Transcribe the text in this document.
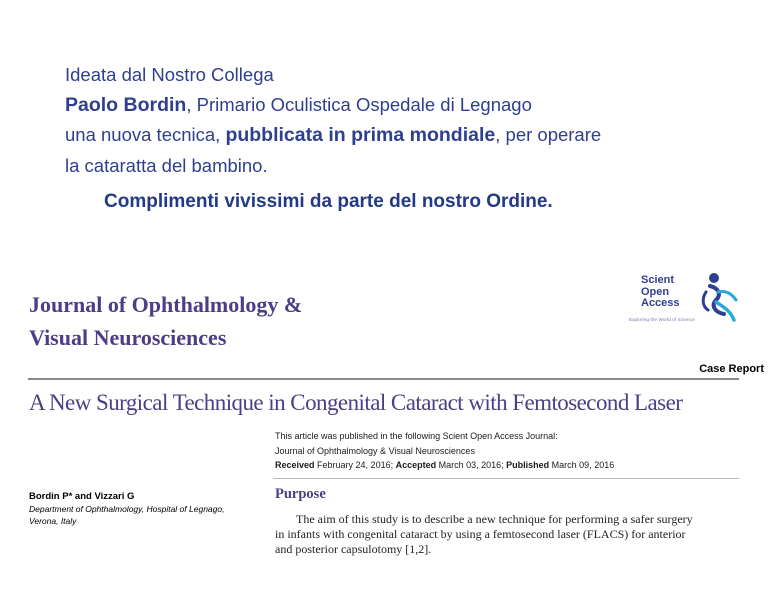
Ideata dal Nostro Collega
Paolo Bordin, Primario Oculistica Ospedale di Legnago
una nuova tecnica, pubblicata in prima mondiale, per operare
la cataratta del bambino.
Complimenti vivissimi da parte del nostro Ordine.
Journal of Ophthalmology &
Visual Neurosciences
Scient
Open
Access
Exploring the World of Science
Case Report
A New Surgical Technique in Congenital Cataract with Femtosecond Laser
This article was published in the following Scient Open Access Journal:
Journal of Ophthalmology & Visual Neurosciences
Received February 24, 2016; Accepted March 03, 2016; Published March 09, 2016
Bordin P* and Vizzari G
Department of Ophthalmology, Hospital of Legnago,
Verona, Italy
Purpose
The aim of this study is to describe a new technique for performing a safer surgery
in infants with congenital cataract by using a femtosecond laser (FLACS) for anterior
and posterior capsulotomy [1,2].
